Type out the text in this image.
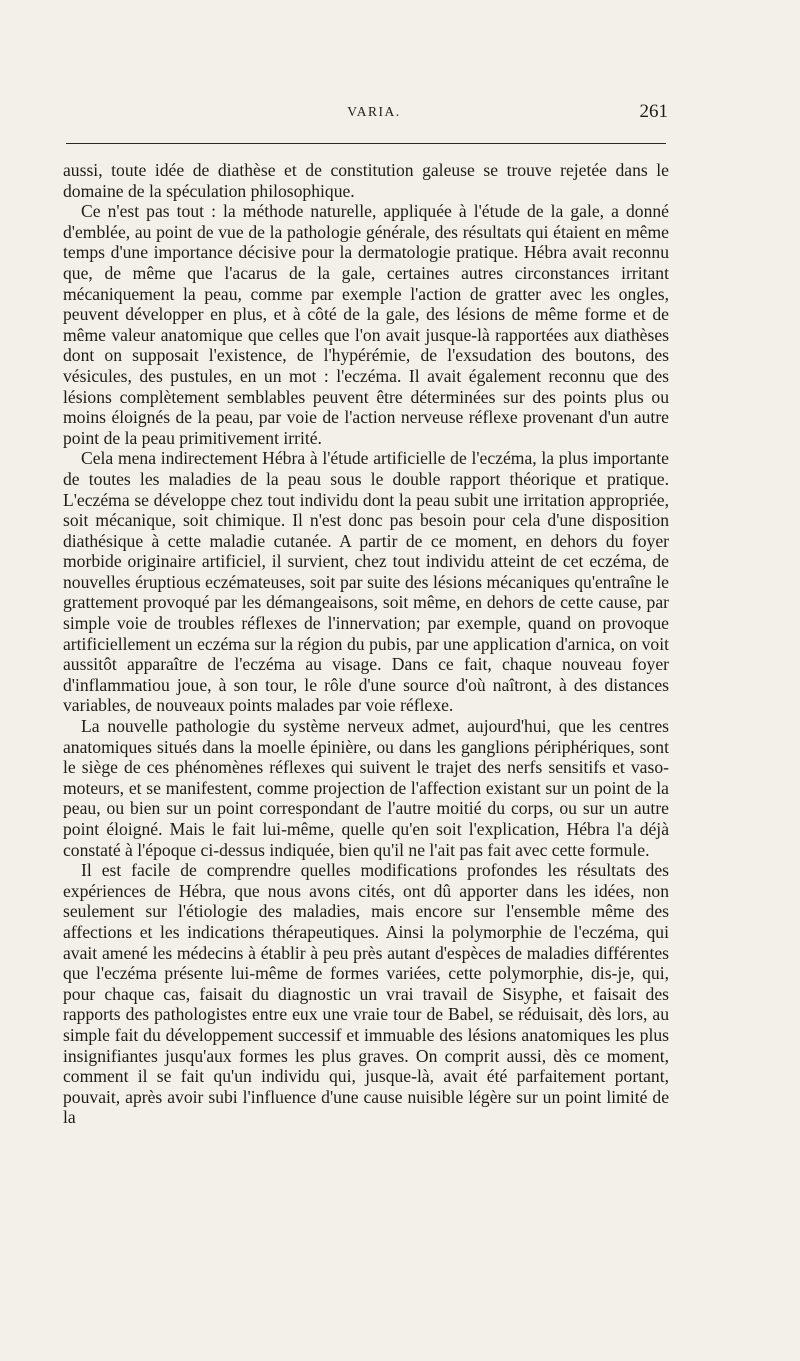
VARIA.	261

aussi, toute idée de diathèse et de constitution galeuse se trouve rejetée dans le domaine de la spéculation philosophique.

Ce n'est pas tout : la méthode naturelle, appliquée à l'étude de la gale, a donné d'emblée, au point de vue de la pathologie générale, des résultats qui étaient en même temps d'une importance décisive pour la dermatologie pratique. Hébra avait reconnu que, de même que l'acarus de la gale, certaines autres circonstances irritant mécaniquement la peau, comme par exemple l'action de gratter avec les ongles, peuvent développer en plus, et à côté de la gale, des lésions de même forme et de même valeur anatomique que celles que l'on avait jusque-là rapportées aux diathèses dont on supposait l'existence, de l'hypérémie, de l'exsudation des boutons, des vésicules, des pustules, en un mot : l'eczéma. Il avait également reconnu que des lésions complètement semblables peuvent être déterminées sur des points plus ou moins éloignés de la peau, par voie de l'action nerveuse réflexe provenant d'un autre point de la peau primitivement irrité.

Cela mena indirectement Hébra à l'étude artificielle de l'eczéma, la plus importante de toutes les maladies de la peau sous le double rapport théorique et pratique. L'eczéma se développe chez tout individu dont la peau subit une irritation appropriée, soit mécanique, soit chimique. Il n'est donc pas besoin pour cela d'une disposition diathésique à cette maladie cutanée. A partir de ce moment, en dehors du foyer morbide originaire artificiel, il survient, chez tout individu atteint de cet eczéma, de nouvelles éruptious eczémateuses, soit par suite des lésions mécaniques qu'entraîne le grattement provoqué par les démangeaisons, soit même, en dehors de cette cause, par simple voie de troubles réflexes de l'innervation; par exemple, quand on provoque artificiellement un eczéma sur la région du pubis, par une application d'arnica, on voit aussitôt apparaître de l'eczéma au visage. Dans ce fait, chaque nouveau foyer d'inflammatiou joue, à son tour, le rôle d'une source d'où naîtront, à des distances variables, de nouveaux points malades par voie réflexe.

La nouvelle pathologie du système nerveux admet, aujourd'hui, que les centres anatomiques situés dans la moelle épinière, ou dans les ganglions périphériques, sont le siège de ces phénomènes réflexes qui suivent le trajet des nerfs sensitifs et vaso-moteurs, et se manifestent, comme projection de l'affection existant sur un point de la peau, ou bien sur un point correspondant de l'autre moitié du corps, ou sur un autre point éloigné. Mais le fait lui-même, quelle qu'en soit l'explication, Hébra l'a déjà constaté à l'époque ci-dessus indiquée, bien qu'il ne l'ait pas fait avec cette formule.

Il est facile de comprendre quelles modifications profondes les résultats des expériences de Hébra, que nous avons cités, ont dû apporter dans les idées, non seulement sur l'étiologie des maladies, mais encore sur l'ensemble même des affections et les indications thérapeutiques. Ainsi la polymorphie de l'eczéma, qui avait amené les médecins à établir à peu près autant d'espèces de maladies différentes que l'eczéma présente lui-même de formes variées, cette polymorphie, dis-je, qui, pour chaque cas, faisait du diagnostic un vrai travail de Sisyphe, et faisait des rapports des pathologistes entre eux une vraie tour de Babel, se réduisait, dès lors, au simple fait du développement successif et immuable des lésions anatomiques les plus insignifiantes jusqu'aux formes les plus graves. On comprit aussi, dès ce moment, comment il se fait qu'un individu qui, jusque-là, avait été parfaitement portant, pouvait, après avoir subi l'influence d'une cause nuisible légère sur un point limité de la
